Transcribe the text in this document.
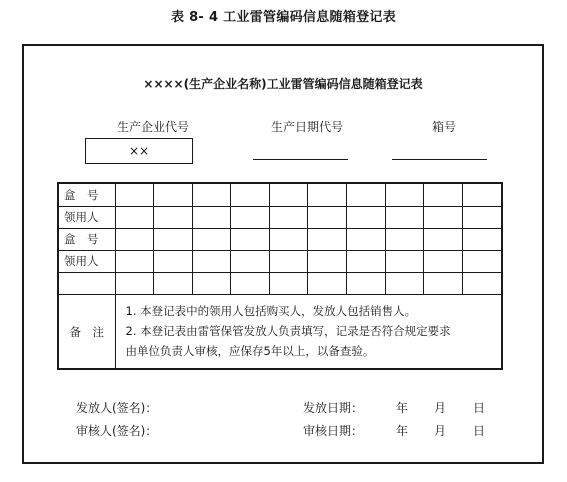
表 8- 4 工业雷管编码信息随箱登记表
××××(生产企业名称)工业雷管编码信息随箱登记表
生产企业代号	生产日期代号	箱号
××
盒　号										
领用人										
盒　号										
领用人										

备　注	1. 本登记表中的领用人包括购买人，发放人包括销售人。
2. 本登记表由雷管保管发放人负责填写，记录是否符合规定要求
由单位负责人审核，应保存5年以上，以备查验。									
发放人(签名)：	发放日期：	年 月 日
审核人(签名)：	审核日期：	年 月 日
